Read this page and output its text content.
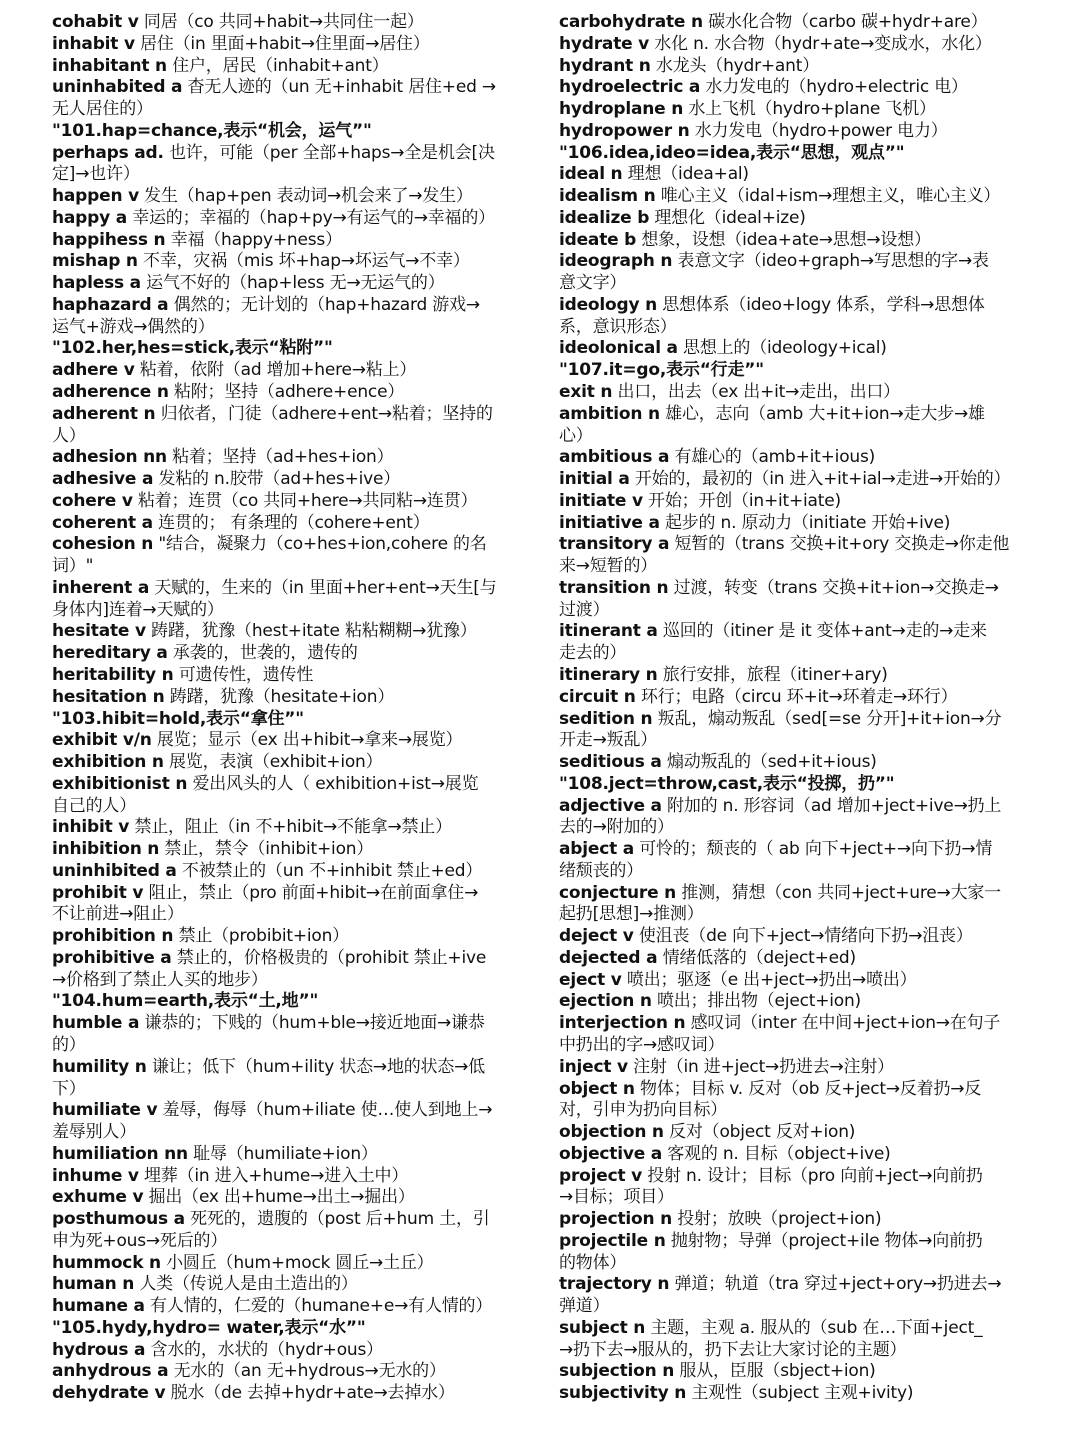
cohabit v 同居（co 共同+habit→共同住一起）
inhabit v 居住（in 里面+habit→住里面→居住）
inhabitant n 住户，居民（inhabit+ant）
uninhabited a 杳无人迹的（un 无+inhabit 居住+ed →
无人居住的）
"101.hap=chance,表示“机会，运气”"
perhaps ad. 也许，可能（per 全部+haps→全是机会[决
定]→也许）
happen v 发生（hap+pen 表动词→机会来了→发生）
happy a 幸运的；幸福的（hap+py→有运气的→幸福的）
happihess n 幸福（happy+ness）
mishap n 不幸，灾祸（mis 坏+hap→坏运气→不幸）
hapless a 运气不好的（hap+less 无→无运气的）
haphazard a 偶然的；无计划的（hap+hazard 游戏→
运气+游戏→偶然的）
"102.her,hes=stick,表示“粘附”"
adhere v 粘着，依附（ad 增加+here→粘上）
adherence n 粘附；坚持（adhere+ence）
adherent n 归依者，门徒（adhere+ent→粘着；坚持的
人）
adhesion nn 粘着；坚持（ad+hes+ion）
adhesive a 发粘的 n.胶带（ad+hes+ive）
cohere v 粘着；连贯（co 共同+here→共同粘→连贯）
coherent a 连贯的； 有条理的（cohere+ent）
cohesion n "结合，凝聚力（co+hes+ion,cohere 的名
词）"
inherent a 天赋的，生来的（in 里面+her+ent→天生[与
身体内]连着→天赋的）
hesitate v 踌躇，犹豫（hest+itate 粘粘糊糊→犹豫）
hereditary a 承袭的，世袭的，遗传的
heritability n 可遗传性，遗传性
hesitation n 踌躇，犹豫（hesitate+ion）
"103.hibit=hold,表示“拿住”"
exhibit v/n 展览；显示（ex 出+hibit→拿来→展览）
exhibition n 展览，表演（exhibit+ion）
exhibitionist n 爱出风头的人（ exhibition+ist→展览
自己的人）
inhibit v 禁止，阻止（in 不+hibit→不能拿→禁止）
inhibition n 禁止，禁令（inhibit+ion）
uninhibited a 不被禁止的（un 不+inhibit 禁止+ed）
prohibit v 阻止，禁止（pro 前面+hibit→在前面拿住→
不让前进→阻止）
prohibition n 禁止（probibit+ion）
prohibitive a 禁止的，价格极贵的（prohibit 禁止+ive
→价格到了禁止人买的地步）
"104.hum=earth,表示“土,地”"
humble a 谦恭的；下贱的（hum+ble→接近地面→谦恭
的）
humility n 谦让；低下（hum+ility 状态→地的状态→低
下）
humiliate v 羞辱，侮辱（hum+iliate 使…使人到地上→
羞辱别人）
humiliation nn 耻辱（humiliate+ion）
inhume v 埋葬（in 进入+hume→进入土中）
exhume v 掘出（ex 出+hume→出土→掘出）
posthumous a 死死的，遗腹的（post 后+hum 土，引
申为死+ous→死后的）
hummock n 小圆丘（hum+mock 圆丘→土丘）
human n 人类（传说人是由土造出的）
humane a 有人情的，仁爱的（humane+e→有人情的）
"105.hydy,hydro= water,表示“水”"
hydrous a 含水的，水状的（hydr+ous）
anhydrous a 无水的（an 无+hydrous→无水的）
dehydrate v 脱水（de 去掉+hydr+ate→去掉水）
carbohydrate n 碳水化合物（carbo 碳+hydr+are）
hydrate v 水化 n. 水合物（hydr+ate→变成水，水化）
hydrant n 水龙头（hydr+ant）
hydroelectric a 水力发电的（hydro+electric 电）
hydroplane n 水上飞机（hydro+plane 飞机）
hydropower n 水力发电（hydro+power 电力）
"106.idea,ideo=idea,表示“思想，观点”"
ideal n 理想（idea+al)
idealism n 唯心主义（idal+ism→理想主义，唯心主义）
idealize b 理想化（ideal+ize)
ideate b 想象，设想（idea+ate→思想→设想）
ideograph n 表意文字（ideo+graph→写思想的字→表
意文字）
ideology n 思想体系（ideo+logy 体系，学科→思想体
系，意识形态）
ideolonical a 思想上的（ideology+ical)
"107.it=go,表示“行走”"
exit n 出口，出去（ex 出+it→走出，出口）
ambition n 雄心，志向（amb 大+it+ion→走大步→雄
心）
ambitious a 有雄心的（amb+it+ious)
initial a 开始的，最初的（in 进入+it+ial→走进→开始的）
initiate v 开始；开创（in+it+iate)
initiative a 起步的 n. 原动力（initiate 开始+ive)
transitory a 短暂的（trans 交换+it+ory 交换走→你走他
来→短暂的）
transition n 过渡，转变（trans 交换+it+ion→交换走→
过渡）
itinerant a 巡回的（itiner 是 it 变体+ant→走的→走来
走去的）
itinerary n 旅行安排，旅程（itiner+ary)
circuit n 环行；电路（circu 环+it→环着走→环行）
sedition n 叛乱，煽动叛乱（sed[=se 分开]+it+ion→分
开走→叛乱）
seditious a 煽动叛乱的（sed+it+ious)
"108.ject=throw,cast,表示“投掷，扔”"
adjective a 附加的 n. 形容词（ad 增加+ject+ive→扔上
去的→附加的）
abject a 可怜的；颓丧的（ ab 向下+ject+→向下扔→情
绪颓丧的）
conjecture n 推测，猜想（con 共同+ject+ure→大家一
起扔[思想]→推测）
deject v 使沮丧（de 向下+ject→情绪向下扔→沮丧）
dejected a 情绪低落的（deject+ed)
eject v 喷出；驱逐（e 出+ject→扔出→喷出）
ejection n 喷出；排出物（eject+ion)
interjection n 感叹词（inter 在中间+ject+ion→在句子
中扔出的字→感叹词）
inject v 注射（in 进+ject→扔进去→注射）
object n 物体；目标 v. 反对（ob 反+ject→反着扔→反
对，引申为扔向目标）
objection n 反对（object 反对+ion)
objective a 客观的 n. 目标（object+ive)
project v 投射 n. 设计；目标（pro 向前+ject→向前扔
→目标；项目）
projection n 投射；放映（project+ion)
projectile n 抛射物；导弹（project+ile 物体→向前扔
的物体）
trajectory n 弹道；轨道（tra 穿过+ject+ory→扔进去→
弹道）
subject n 主题，主观 a. 服从的（sub 在…下面+ject_
→扔下去→服从的，扔下去让大家讨论的主题）
subjection n 服从，臣服（sbject+ion)
subjectivity n 主观性（subject 主观+ivity)
